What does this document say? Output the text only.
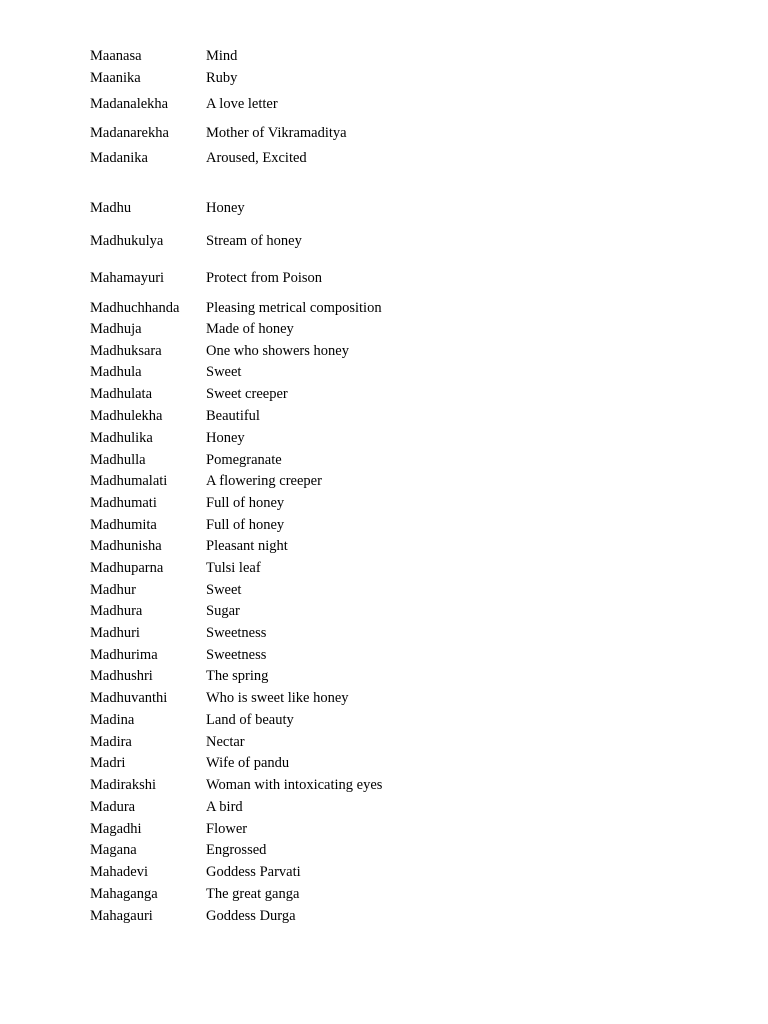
Maanasa	Mind
Maanika	Ruby
Madanalekha	A love letter
Madanarekha	Mother of Vikramaditya
Madanika	Aroused, Excited
Madhu	Honey
Madhukulya	Stream of honey
Mahamayuri	Protect from Poison
Madhuchhanda Pleasing metrical composition
Madhuja	Made of honey
Madhuksara	One who showers honey
Madhula	Sweet
Madhulata	Sweet creeper
Madhulekha	Beautiful
Madhulika	Honey
Madhulla	Pomegranate
Madhumalati	A flowering creeper
Madhumati	Full of honey
Madhumita	Full of honey
Madhunisha	Pleasant night
Madhuparna	Tulsi leaf
Madhur	Sweet
Madhura	Sugar
Madhuri	Sweetness
Madhurima	Sweetness
Madhushri	The spring
Madhuvanthi	Who is sweet like honey
Madina	Land of beauty
Madira	Nectar
Madri	Wife of pandu
Madirakshi	Woman with intoxicating eyes
Madura	A bird
Magadhi	Flower
Magana	Engrossed
Mahadevi	Goddess Parvati
Mahaganga	The great ganga
Mahagauri	Goddess Durga
